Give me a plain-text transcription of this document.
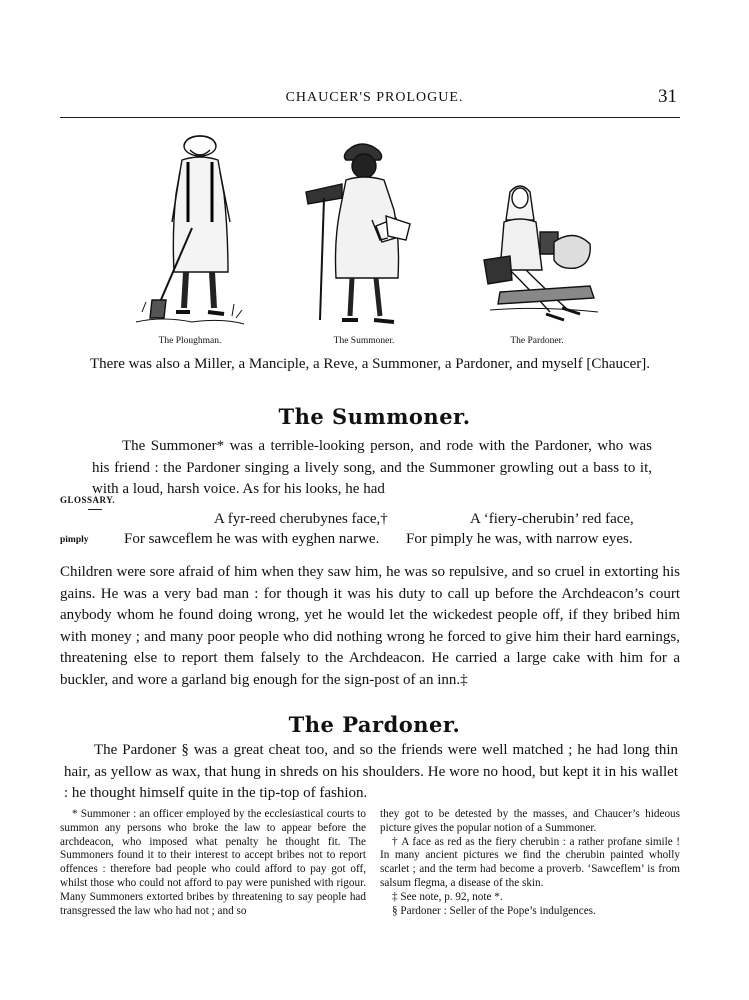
CHAUCER'S PROLOGUE.	31
The Ploughman.	The Summoner.	The Pardoner.
There was also a Miller, a Manciple, a Reve, a Summoner, a Pardoner, and myself [Chaucer].
The Summoner.
The Summoner* was a terrible-looking person, and rode with the Pardoner, who was his friend : the Pardoner singing a lively song, and the Summoner growling out a bass to it, with a loud, harsh voice. As for his looks, he had
GLOSSARY.
A fyr-reed cherubynes face,†	A ‘fiery-cherubin’ red face,
pimply For sawceflem he was with eyghen narwe. For pimply he was, with narrow eyes.
Children were sore afraid of him when they saw him, he was so repulsive, and so cruel in extorting his gains. He was a very bad man : for though it was his duty to call up before the Archdeacon’s court anybody whom he found doing wrong, yet he would let the wickedest people off, if they bribed him with money ; and many poor people who did nothing wrong he forced to give him their hard earnings, threatening else to report them falsely to the Archdeacon. He carried a large cake with him for a buckler, and wore a garland big enough for the sign-post of an inn.‡
The Pardoner.
The Pardoner § was a great cheat too, and so the friends were well matched ; he had long thin hair, as yellow as wax, that hung in shreds on his shoulders. He wore no hood, but kept it in his wallet : he thought himself quite in the tip-top of fashion.

* Summoner : an officer employed by the ecclesiastical courts to summon any persons who broke the law to appear before the archdeacon, who imposed what penalty he thought fit. The Summoners found it to their interest to accept bribes not to report offences : therefore bad people who could afford to pay got off, whilst those who could not afford to pay were punished with rigour. Many Summoners extorted bribes by threatening to say people had transgressed the law who had not ; and so

they got to be detested by the masses, and Chaucer’s hideous picture gives the popular notion of a Summoner.

† A face as red as the fiery cherubin : a rather profane simile ! In many ancient pictures we find the cherubin painted wholly scarlet ; and the term had become a proverb. ‘Sawceflem’ is from salsum flegma, a disease of the skin.

‡ See note, p. 92, note *.

§ Pardoner : Seller of the Pope’s indulgences.
